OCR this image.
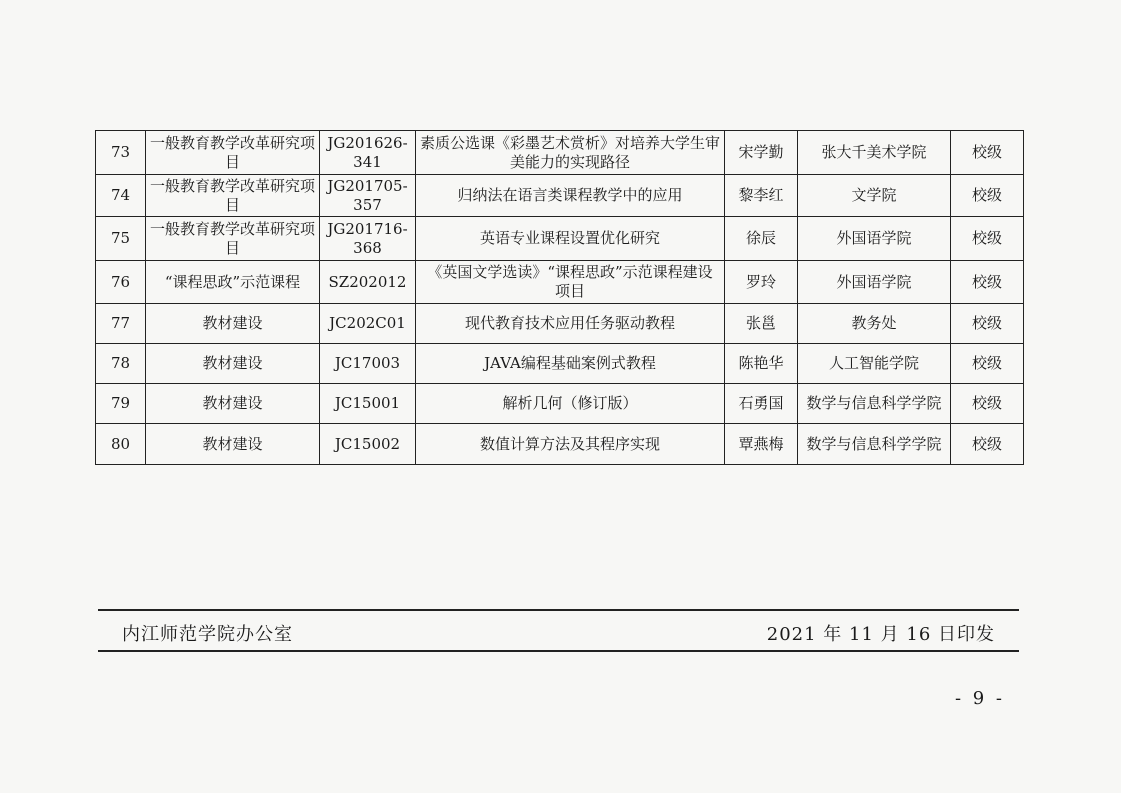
73	一般教育教学改革研究项目	JG201626-341	素质公选课《彩墨艺术赏析》对培养大学生审美能力的实现路径	宋学勤	张大千美术学院	校级
74	一般教育教学改革研究项目	JG201705-357	归纳法在语言类课程教学中的应用	黎李红	文学院	校级
75	一般教育教学改革研究项目	JG201716-368	英语专业课程设置优化研究	徐辰	外国语学院	校级
76	“课程思政”示范课程	SZ202012	《英国文学选读》“课程思政”示范课程建设项目	罗玲	外国语学院	校级
77	教材建设	JC202C01	现代教育技术应用任务驱动教程	张邕	教务处	校级
78	教材建设	JC17003	JAVA编程基础案例式教程	陈艳华	人工智能学院	校级
79	教材建设	JC15001	解析几何（修订版）	石勇国	数学与信息科学学院	校级
80	教材建设	JC15002	数值计算方法及其程序实现	覃燕梅	数学与信息科学学院	校级
内江师范学院办公室	2021 年 11 月 16 日印发
- 9 -
